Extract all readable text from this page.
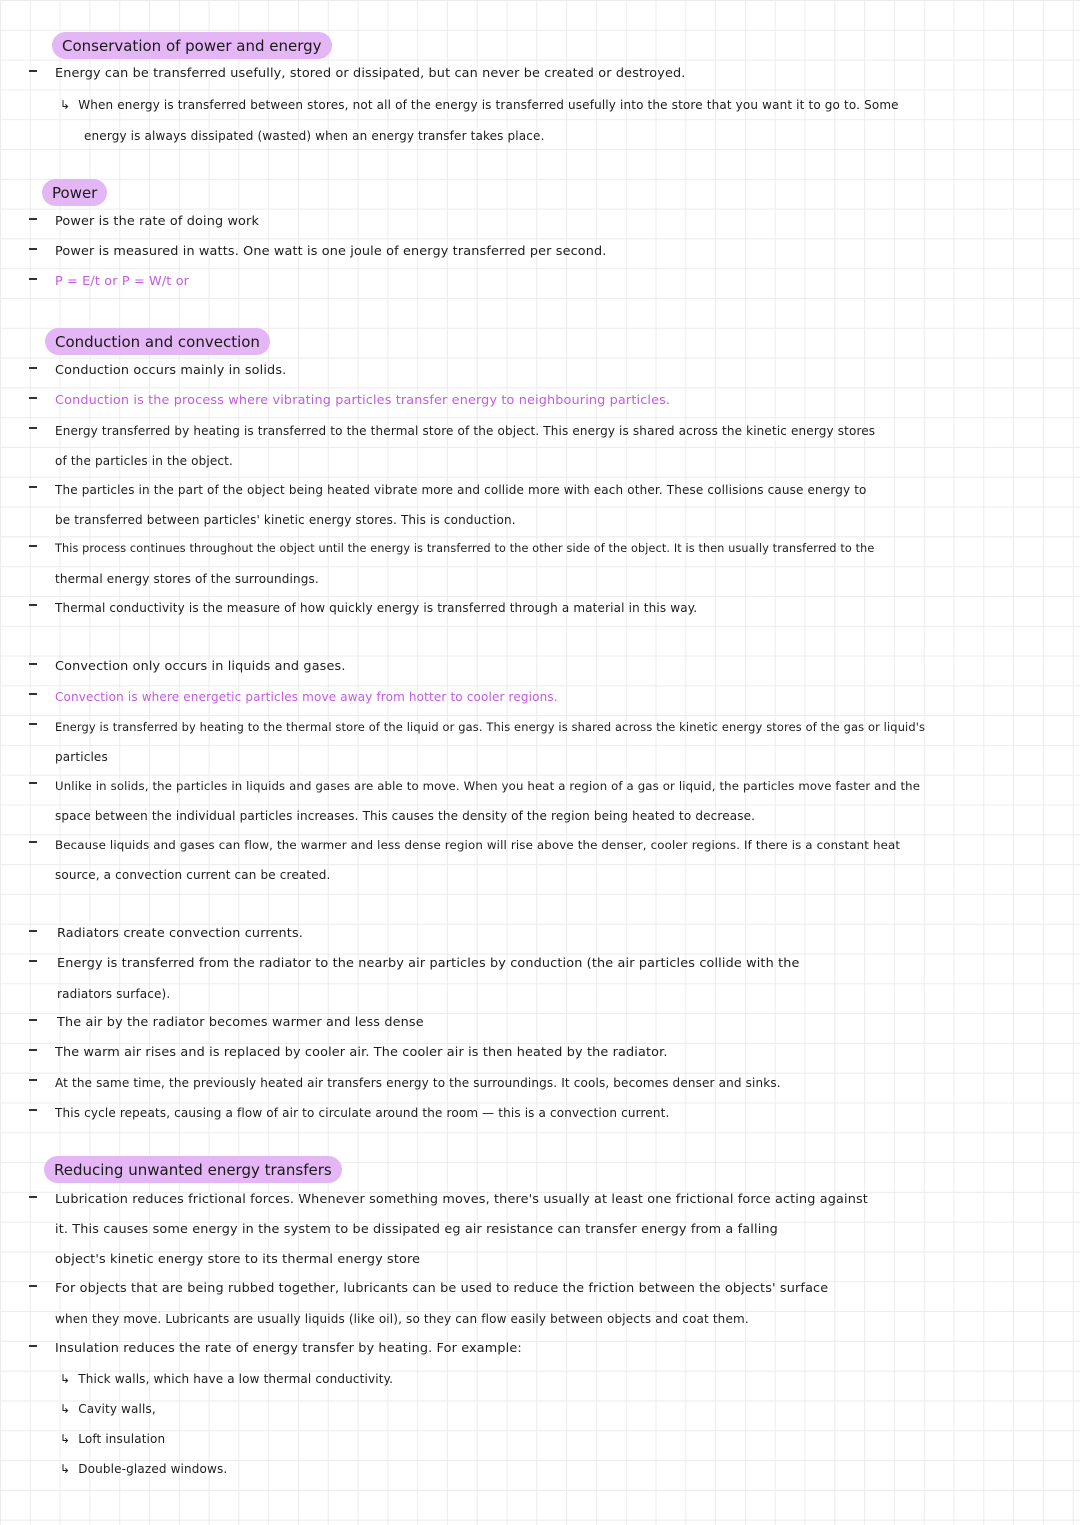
Conservation of power and energy
Energy can be transferred usefully, stored or dissipated, but can never be created or destroyed.
↳ When energy is transferred between stores, not all of the energy is transferred usefully into the store that you want it to go to. Some
energy is always dissipated (wasted) when an energy transfer takes place.
Power
Power is the rate of doing work
Power is measured in watts. One watt is one joule of energy transferred per second.
P = E/t or P = W/t or
Conduction and convection
Conduction occurs mainly in solids.
Conduction is the process where vibrating particles transfer energy to neighbouring particles.
Energy transferred by heating is transferred to the thermal store of the object. This energy is shared across the kinetic energy stores
of the particles in the object.
The particles in the part of the object being heated vibrate more and collide more with each other. These collisions cause energy to
be transferred between particles' kinetic energy stores. This is conduction.
This process continues throughout the object until the energy is transferred to the other side of the object. It is then usually transferred to the
thermal energy stores of the surroundings.
Thermal conductivity is the measure of how quickly energy is transferred through a material in this way.
Convection only occurs in liquids and gases.
Convection is where energetic particles move away from hotter to cooler regions.
Energy is transferred by heating to the thermal store of the liquid or gas. This energy is shared across the kinetic energy stores of the gas or liquid's
particles
Unlike in solids, the particles in liquids and gases are able to move. When you heat a region of a gas or liquid, the particles move faster and the
space between the individual particles increases. This causes the density of the region being heated to decrease.
Because liquids and gases can flow, the warmer and less dense region will rise above the denser, cooler regions. If there is a constant heat
source, a convection current can be created.
Radiators create convection currents.
Energy is transferred from the radiator to the nearby air particles by conduction (the air particles collide with the
radiators surface).
The air by the radiator becomes warmer and less dense
The warm air rises and is replaced by cooler air. The cooler air is then heated by the radiator.
At the same time, the previously heated air transfers energy to the surroundings. It cools, becomes denser and sinks.
This cycle repeats, causing a flow of air to circulate around the room — this is a convection current.
Reducing unwanted energy transfers
Lubrication reduces frictional forces. Whenever something moves, there's usually at least one frictional force acting against
it. This causes some energy in the system to be dissipated eg air resistance can transfer energy from a falling
object's kinetic energy store to its thermal energy store
For objects that are being rubbed together, lubricants can be used to reduce the friction between the objects' surface
when they move. Lubricants are usually liquids (like oil), so they can flow easily between objects and coat them.
Insulation reduces the rate of energy transfer by heating. For example:
↳ Thick walls, which have a low thermal conductivity.
↳ Cavity walls,
↳ Loft insulation
↳ Double-glazed windows.
